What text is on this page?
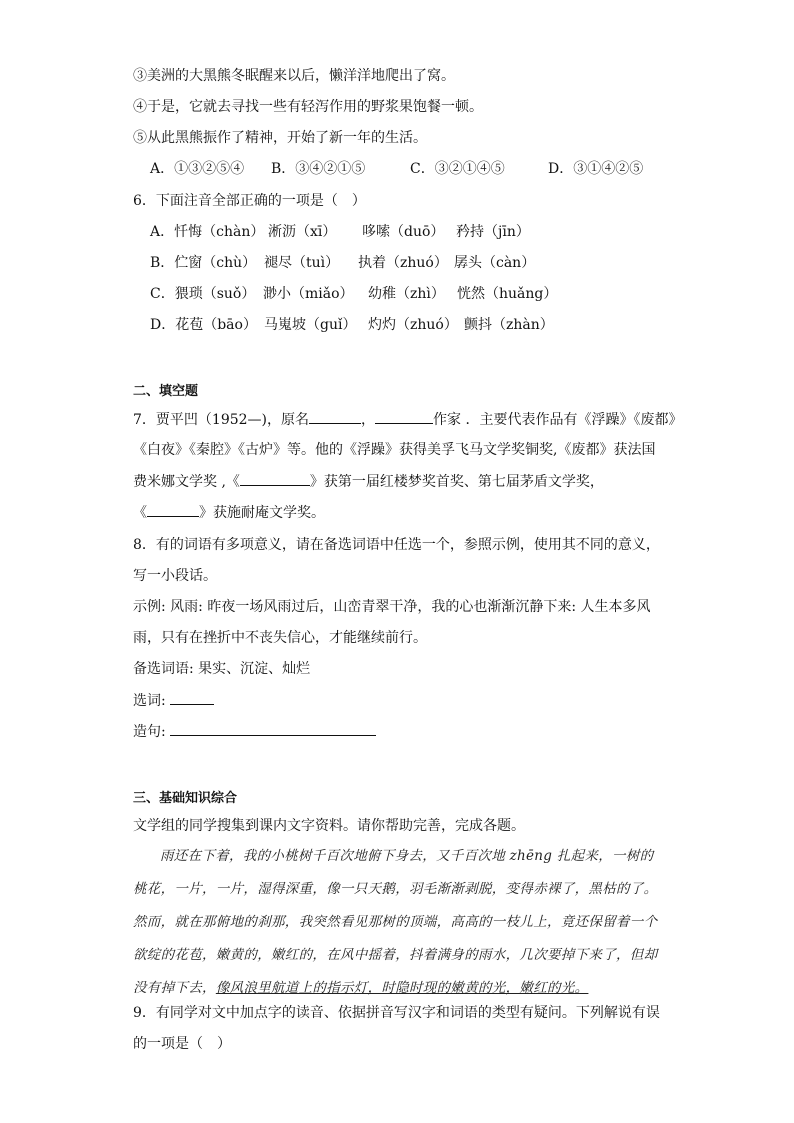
③美洲的大黑熊冬眠醒来以后，懒洋洋地爬出了窝。
④于是，它就去寻找一些有轻泻作用的野浆果饱餐一顿。
⑤从此黑熊振作了精神，开始了新一年的生活。
A．①③②⑤④ B．③④②①⑤	C．③②①④⑤	D．③①④②⑤
6．下面注音全部正确的一项是（　）
A．忏悔（chàn） 淅沥（xī） 哆嗦（duō） 矜持（jīn）
B．伫窗（chù） 褪尽（tuì） 执着（zhuó） 孱头（càn）
C．猥琐（suǒ） 渺小（miǎo） 幼稚（zhì） 恍然（huǎng）
D．花苞（bāo） 马嵬坡（guǐ） 灼灼（zhuó） 颤抖（zhàn）
二、填空题
7．贾平凹（1952—)，原名	，	作家 ．主要代表作品有《浮躁》《废都》
《白夜》《秦腔》《古炉》等。他的《浮躁》获得美孚飞马文学奖铜奖,《废都》获法国
费米娜文学奖 ,《	》获第一届红楼梦奖首奖、第七届茅盾文学奖，
《	》获施耐庵文学奖。
8．有的词语有多项意义，请在备选词语中任选一个，参照示例，使用其不同的意义，
写一小段话。
示例: 风雨: 昨夜一场风雨过后，山峦青翠干净，我的心也渐渐沉静下来: 人生本多风
雨，只有在挫折中不丧失信心，才能继续前行。
备选词语: 果实、沉淀、灿烂
选词:
造句:
三、基础知识综合
文学组的同学搜集到课内文字资料。请你帮助完善，完成各题。
雨还在下着，我的小桃树千百次地俯下身去，又千百次地 zhēng 扎起来，一树的桃花，一片，一片，湿得深重，像一只天鹅，羽毛渐渐剥脱，变得赤裸了，黑枯的了。然而，就在那俯地的刹那，我突然看见那树的顶端，高高的一枝儿上，竟还保留着一个欲绽的花苞，嫩黄的，嫩红的，在风中摇着，抖着满身的雨水，几次要掉下来了，但却没有掉下去，像风浪里航道上的指示灯，时隐时现的嫩黄的光，嫩红的光。
9．有同学对文中加点字的读音、依据拼音写汉字和词语的类型有疑问。下列解说有误
的一项是（　）
